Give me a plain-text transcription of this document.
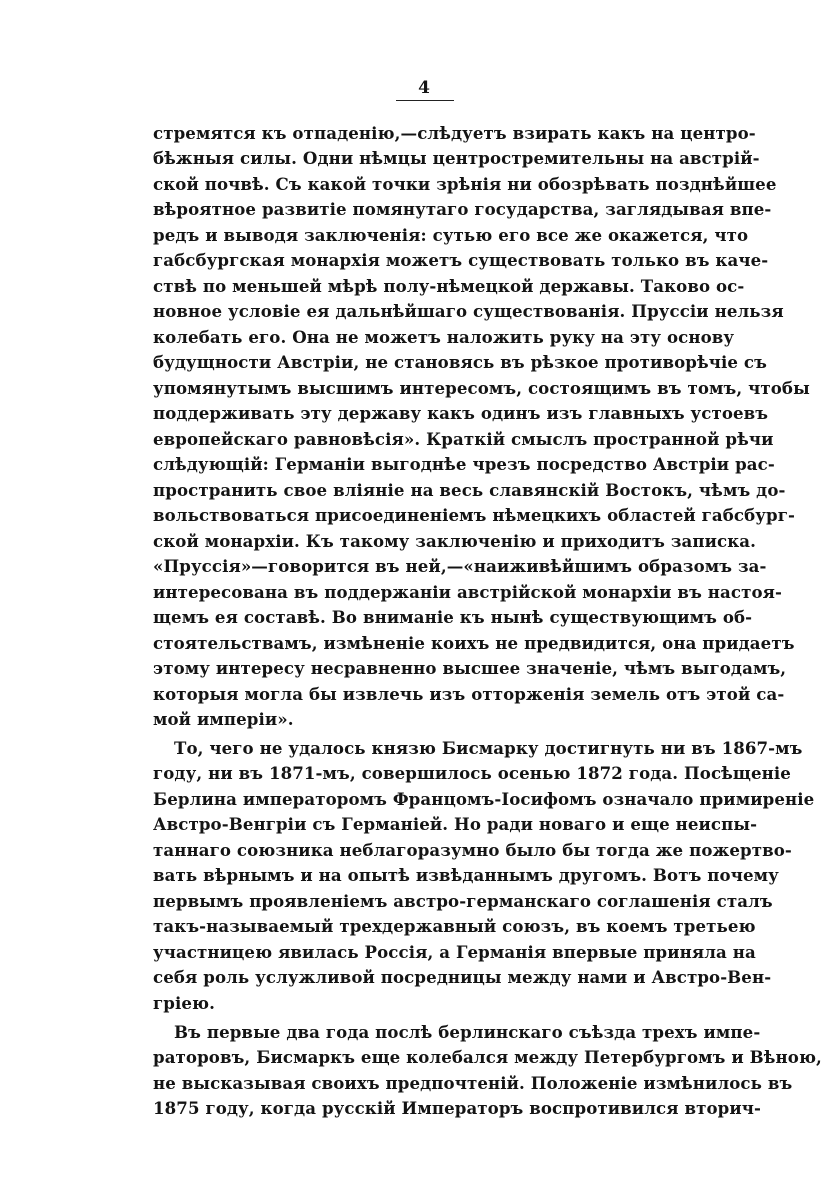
4
стремятся къ отпаденію,—слѣдуетъ взирать какъ на центро-
бѣжныя силы. Одни нѣмцы центростремительны на австрій-
ской почвѣ. Съ какой точки зрѣнія ни обозрѣвать позднѣйшее
вѣроятное развитіе помянутаго государства, заглядывая впе-
редъ и выводя заключенія: сутью его все же окажется, что
габсбургская монархія можетъ существовать только въ каче-
ствѣ по меньшей мѣрѣ полу-нѣмецкой державы. Таково ос-
новное условіе ея дальнѣйшаго существованія. Пруссіи нельзя
колебать его. Она не можетъ наложить руку на эту основу
будущности Австріи, не становясь въ рѣзкое противорѣчіе съ
упомянутымъ высшимъ интересомъ, состоящимъ въ томъ, чтобы
поддерживать эту державу какъ одинъ изъ главныхъ устоевъ
европейскаго равновѣсія». Краткій смыслъ пространной рѣчи
слѣдующій: Германіи выгоднѣе чрезъ посредство Австріи рас-
пространить свое вліяніе на весь славянскій Востокъ, чѣмъ до-
вольствоваться присоединеніемъ нѣмецкихъ областей габсбург-
ской монархіи. Къ такому заключенію и приходитъ записка.
«Пруссія»—говорится въ ней,—«наиживѣйшимъ образомъ за-
интересована въ поддержаніи австрійской монархіи въ настоя-
щемъ ея составѣ. Во вниманіе къ нынѣ существующимъ об-
стоятельствамъ, измѣненіе коихъ не предвидится, она придаетъ
этому интересу несравненно высшее значеніе, чѣмъ выгодамъ,
которыя могла бы извлечь изъ отторженія земель отъ этой са-
мой имперіи».
То, чего не удалось князю Бисмарку достигнуть ни въ 1867-мъ
году, ни въ 1871-мъ, совершилось осенью 1872 года. Посѣщеніе
Берлина императоромъ Францомъ-Іосифомъ означало примиреніе
Австро-Венгріи съ Германіей. Но ради новаго и еще неиспы-
таннаго союзника неблагоразумно было бы тогда же пожертво-
вать вѣрнымъ и на опытѣ извѣданнымъ другомъ. Вотъ почему
первымъ проявленіемъ австро-германскаго соглашенія сталъ
такъ-называемый трехдержавный союзъ, въ коемъ третьею
участницею явилась Россія, а Германія впервые приняла на
себя роль услужливой посредницы между нами и Австро-Вен-
гріею.
Въ первые два года послѣ берлинскаго съѣзда трехъ импе-
раторовъ, Бисмаркъ еще колебался между Петербургомъ и Вѣною,
не высказывая своихъ предпочтеній. Положеніе измѣнилось въ
1875 году, когда русскій Императоръ воспротивился вторич-
